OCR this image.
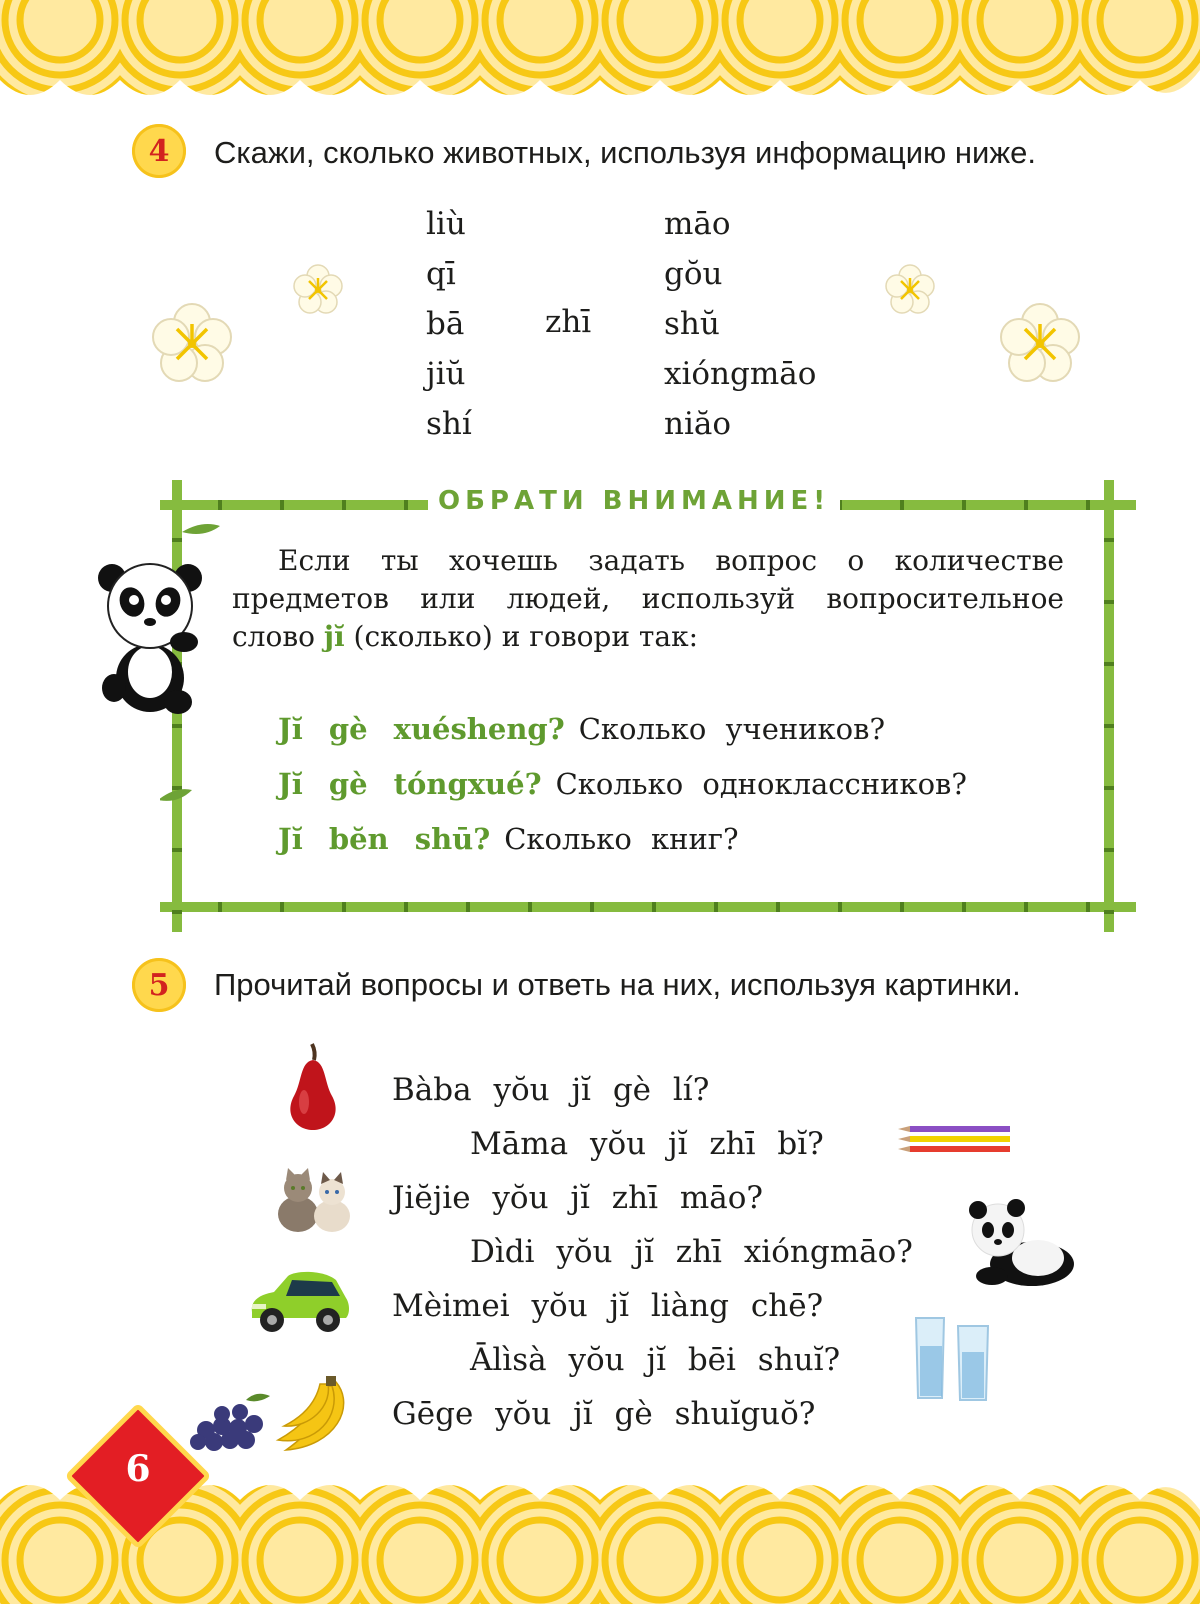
4 Скажи, сколько животных, используя информацию ниже.
liù
qī
bā
jiŭ
shí
zhī
māo
gŏu
shŭ
xióngmāo
niăo
ОБРАТИ ВНИМАНИЕ!
Если ты хочешь задать вопрос о количестве предметов или людей, используй вопросительное слово jĭ (сколько) и говори так:
Jĭ gè xuésheng? Сколько учеников?
Jĭ gè tóngxué? Сколько одноклассников?
Jĭ bĕn shū? Сколько книг?
5 Прочитай вопросы и ответь на них, используя картинки.
Bàba yŏu jĭ gè lí?
Māma yŏu jĭ zhī bĭ?
Jiĕjie yŏu jĭ zhī māo?
Dìdi yŏu jĭ zhī xióngmāo?
Mèimei yŏu jĭ liàng chē?
Ālìsà yŏu jĭ bēi shuĭ?
Gēge yŏu jĭ gè shuĭguŏ?
6
